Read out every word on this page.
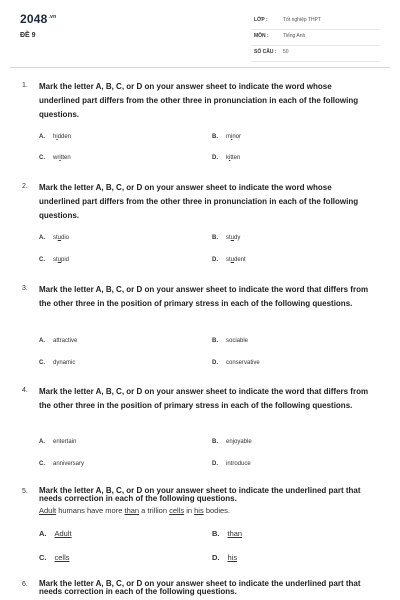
$2048^{.vn}$
ĐỀ 9
LỚP :	Tốt nghiệp THPT
MÔN :	Tiếng Anh
SỐ CÂU : 50
1. Mark the letter A, B, C, or D on your answer sheet to indicate the word whose underlined part differs from the other three in pronunciation in each of the following questions.
A. hidden	B. minor
C. written	D. kitten
2. Mark the letter A, B, C, or D on your answer sheet to indicate the word whose underlined part differs from the other three in pronunciation in each of the following questions.
A. studio	B. study
C. stupid	D. student
3. Mark the letter A, B, C, or D on your answer sheet to indicate the word that differs from the other three in the position of primary stress in each of the following questions.
A. attractive	B. sociable
C. dynamic	D. conservative
4. Mark the letter A, B, C, or D on your answer sheet to indicate the word that differs from the other three in the position of primary stress in each of the following questions.
A. entertain	B. enjoyable
C. anniversary	D. introduce
5. Mark the letter A, B, C, or D on your answer sheet to indicate the underlined part that needs correction in each of the following questions.
Adult humans have more than a trillion cells in his bodies.
A. Adult	B. than
C. cells	D. his
6. Mark the letter A, B, C, or D on your answer sheet to indicate the underlined part that needs correction in each of the following questions.
